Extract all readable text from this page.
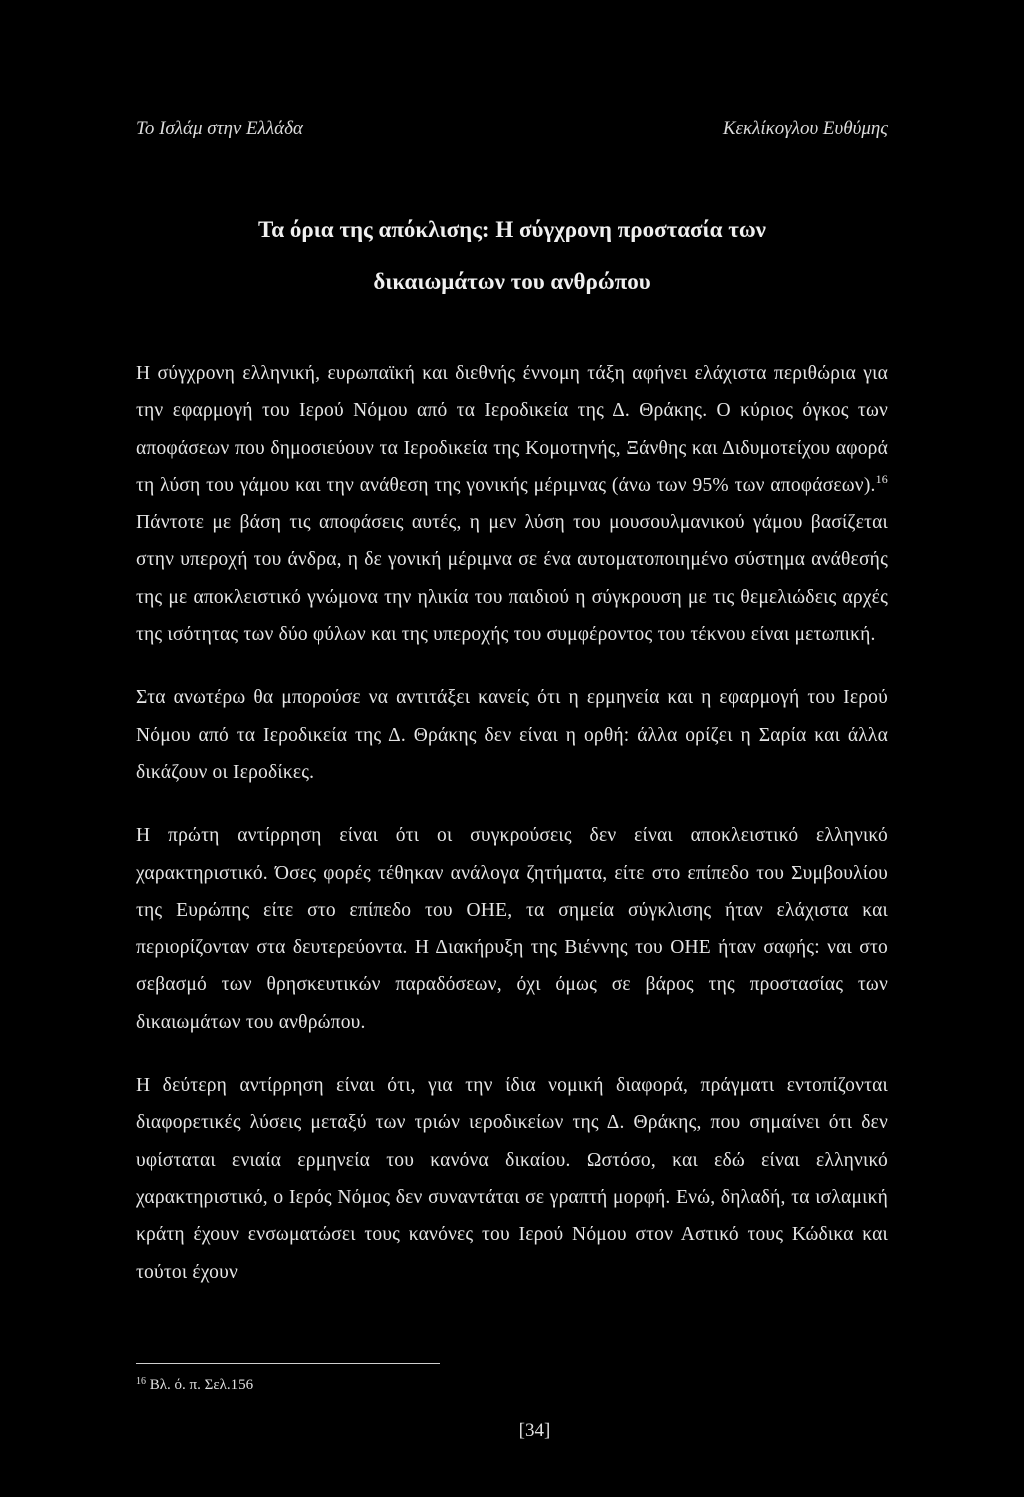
Το Ισλάμ στην Ελλάδα	Κεκλίκογλου Ευθύμης
Τα όρια της απόκλισης: Η σύγχρονη προστασία των
δικαιωμάτων του ανθρώπου

Η σύγχρονη ελληνική, ευρωπαϊκή και διεθνής έννομη τάξη αφήνει ελάχιστα περιθώρια για την εφαρμογή του Ιερού Νόμου από τα Ιεροδικεία της Δ. Θράκης. Ο κύριος όγκος των αποφάσεων που δημοσιεύουν τα Ιεροδικεία της Κομοτηνής, Ξάνθης και Διδυμοτείχου αφορά τη λύση του γάμου και την ανάθεση της γονικής μέριμνας (άνω των 95% των αποφάσεων).$^{16}$ Πάντοτε με βάση τις αποφάσεις αυτές, η μεν λύση του μουσουλμανικού γάμου βασίζεται στην υπεροχή του άνδρα, η δε γονική μέριμνα σε ένα αυτοματοποιημένο σύστημα ανάθεσής της με αποκλειστικό γνώμονα την ηλικία του παιδιού η σύγκρουση με τις θεμελιώδεις αρχές της ισότητας των δύο φύλων και της υπεροχής του συμφέροντος του τέκνου είναι μετωπική.

Στα ανωτέρω θα μπορούσε να αντιτάξει κανείς ότι η ερμηνεία και η εφαρμογή του Ιερού Νόμου από τα Ιεροδικεία της Δ. Θράκης δεν είναι η ορθή: άλλα ορίζει η Σαρία και άλλα δικάζουν οι Ιεροδίκες.

Η πρώτη αντίρρηση είναι ότι οι συγκρούσεις δεν είναι αποκλειστικό ελληνικό χαρακτηριστικό. Όσες φορές τέθηκαν ανάλογα ζητήματα, είτε στο επίπεδο του Συμβουλίου της Ευρώπης είτε στο επίπεδο του ΟΗΕ, τα σημεία σύγκλισης ήταν ελάχιστα και περιορίζονταν στα δευτερεύοντα. Η Διακήρυξη της Βιέννης του ΟΗΕ ήταν σαφής: ναι στο σεβασμό των θρησκευτικών παραδόσεων, όχι όμως σε βάρος της προστασίας των δικαιωμάτων του ανθρώπου.

Η δεύτερη αντίρρηση είναι ότι, για την ίδια νομική διαφορά, πράγματι εντοπίζονται διαφορετικές λύσεις μεταξύ των τριών ιεροδικείων της Δ. Θράκης, που σημαίνει ότι δεν υφίσταται ενιαία ερμηνεία του κανόνα δικαίου. Ωστόσο, και εδώ είναι ελληνικό χαρακτηριστικό, ο Ιερός Νόμος δεν συναντάται σε γραπτή μορφή. Ενώ, δηλαδή, τα ισλαμική κράτη έχουν ενσωματώσει τους κανόνες του Ιερού Νόμου στον Αστικό τους Κώδικα και τούτοι έχουν

$^{16}$ Βλ. ό. π. Σελ.156
[34]
